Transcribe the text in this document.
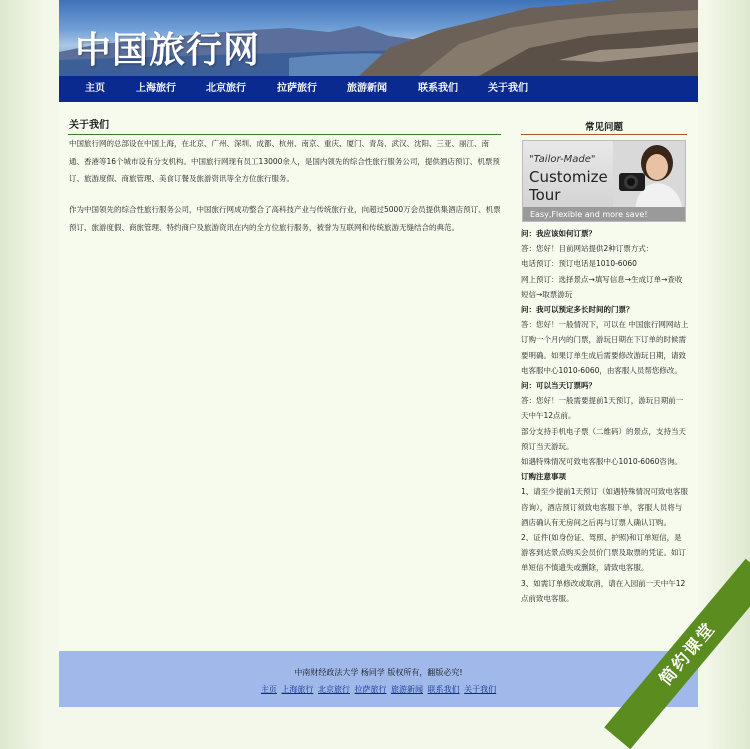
中国旅行网
主页	上海旅行	北京旅行	拉萨旅行	旅游新闻	联系我们	关于我们
关于我们

中国旅行网的总部设在中国上海，在北京、广州、深圳、成都、杭州、南京、重庆、厦门、青岛、武汉、沈阳、三亚、丽江、南通、香港等16个城市设有分支机构。中国旅行网现有员工13000余人，是国内领先的综合性旅行服务公司，提供酒店预订、机票预订、旅游度假、商旅管理、美食订餐及旅游资讯等全方位旅行服务。

作为中国领先的综合性旅行服务公司，中国旅行网成功整合了高科技产业与传统旅行业，向超过5000万会员提供集酒店预订、机票预订、旅游度假、商旅管理、特约商户及旅游资讯在内的全方位旅行服务，被誉为互联网和传统旅游无缝结合的典范。

常见问题
"Tailor-Made"
Customize
Tour
Easy,Flexible and more save!
问：我应该如何订票？
答：您好！目前网站提供2种订票方式：
电话预订：预订电话是1010-6060
网上预订：选择景点→填写信息→生成订单→查收短信→取票游玩
问：我可以预定多长时间的门票？
答：您好！一般情况下，可以在 中国旅行网网站上订购一个月内的门票，游玩日期在下订单的时候需要明确。如果订单生成后需要修改游玩日期，请致电客服中心1010-6060，由客服人员帮您修改。
问：可以当天订票吗？
答：您好！一般需要提前1天预订，游玩日期前一天中午12点前。
部分支持手机电子票（二维码）的景点，支持当天预订当天游玩。
如遇特殊情况可致电客服中心1010-6060咨询。
订购注意事项
1、请至少提前1天预订（如遇特殊情况可致电客服咨询），酒店预订须致电客服下单，客服人员将与酒店确认有无房间之后再与订票人确认订购。
2、证件(如身份证、驾照、护照)和订单短信，是游客到达景点购买会员价门票及取票的凭证。如订单短信不慎遗失或删除，请致电客服。
3、如需订单修改或取消，请在入园前一天中午12点前致电客服。
中南财经政法大学 杨同学 版权所有，翻版必究!
主页 上海旅行 北京旅行 拉萨旅行 旅游新闻 联系我们 关于我们	简约课堂
